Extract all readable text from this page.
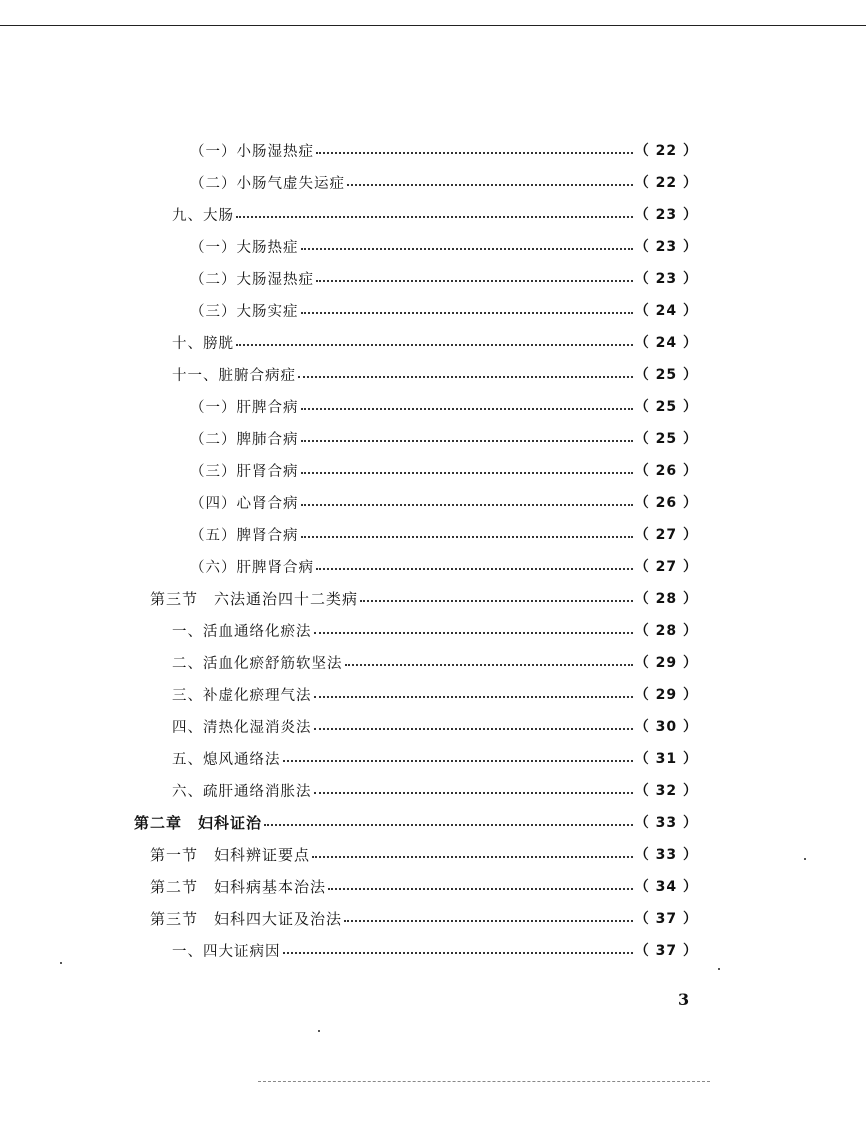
（一）小肠湿热症	（ 22 ）
（二）小肠气虚失运症	（ 22 ）
九、大肠	（ 23 ）
（一）大肠热症	（ 23 ）
（二）大肠湿热症	（ 23 ）
（三）大肠实症	（ 24 ）
十、膀胱	（ 24 ）
十一、脏腑合病症	（ 25 ）
（一）肝脾合病	（ 25 ）
（二）脾肺合病	（ 25 ）
（三）肝肾合病	（ 26 ）
（四）心肾合病	（ 26 ）
（五）脾肾合病	（ 27 ）
（六）肝脾肾合病	（ 27 ）
第三节　六法通治四十二类病	（ 28 ）
一、活血通络化瘀法	（ 28 ）
二、活血化瘀舒筋软坚法	（ 29 ）
三、补虚化瘀理气法	（ 29 ）
四、清热化湿消炎法	（ 30 ）
五、熄风通络法	（ 31 ）
六、疏肝通络消胀法	（ 32 ）
第二章　妇科证治	（ 33 ）
第一节　妇科辨证要点	（ 33 ）
第二节　妇科病基本治法	（ 34 ）
第三节　妇科四大证及治法	（ 37 ）
一、四大证病因	（ 37 ）
3
